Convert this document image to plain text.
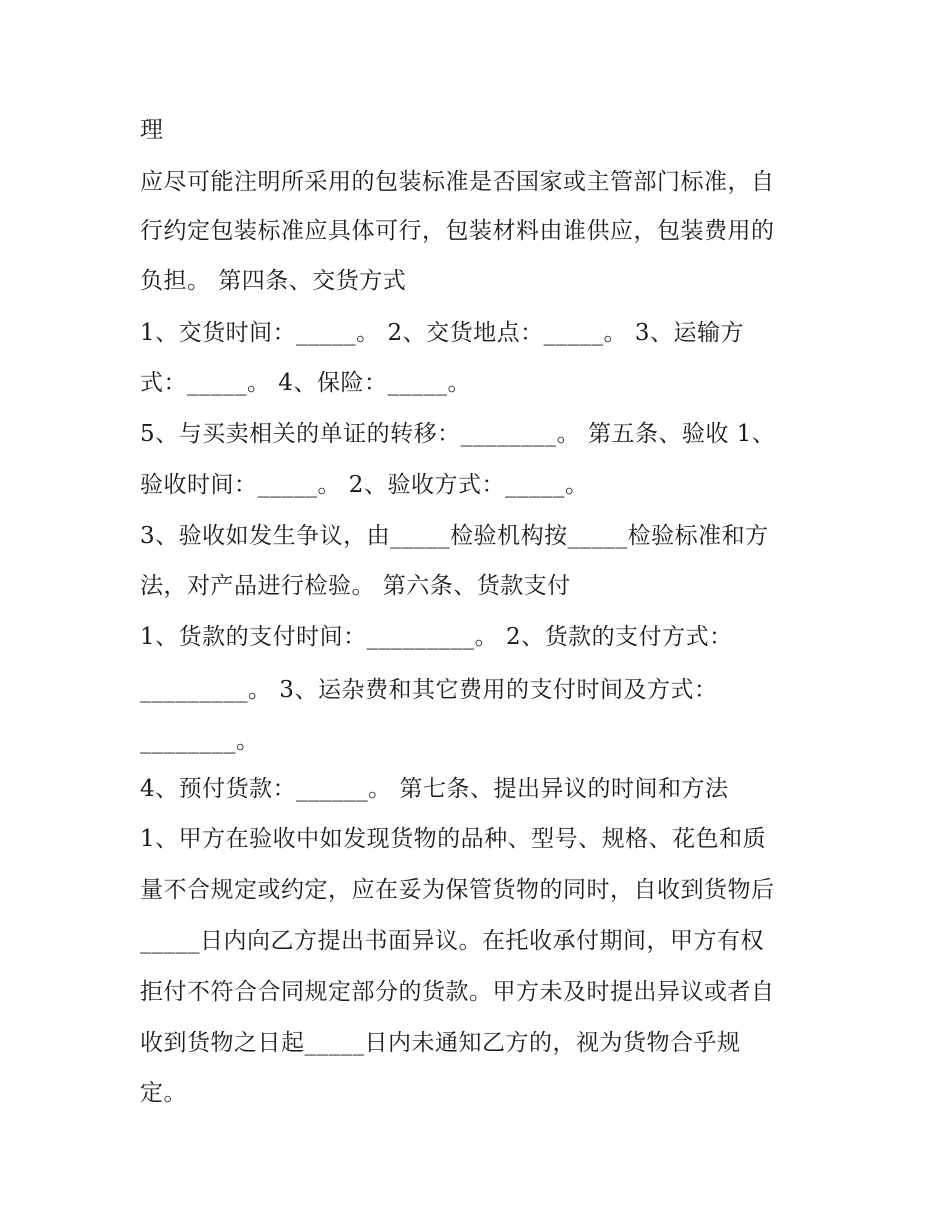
理
应尽可能注明所采用的包装标准是否国家或主管部门标准，自
行约定包装标准应具体可行，包装材料由谁供应，包装费用的
负担。 第四条、交货方式
1、交货时间：_____。 2、交货地点：_____。 3、运输方
式：_____。 4、保险：_____。
5、与买卖相关的单证的转移：________。 第五条、验收 1、
验收时间：_____。 2、验收方式：_____。
3、验收如发生争议，由_____检验机构按_____检验标准和方
法，对产品进行检验。 第六条、货款支付
1、货款的支付时间：_________。 2、货款的支付方式：
_________。 3、运杂费和其它费用的支付时间及方式：
________。
4、预付货款：______。 第七条、提出异议的时间和方法
1、甲方在验收中如发现货物的品种、型号、规格、花色和质
量不合规定或约定，应在妥为保管货物的同时，自收到货物后
_____日内向乙方提出书面异议。在托收承付期间，甲方有权
拒付不符合合同规定部分的货款。甲方未及时提出异议或者自
收到货物之日起_____日内未通知乙方的，视为货物合乎规
定。
